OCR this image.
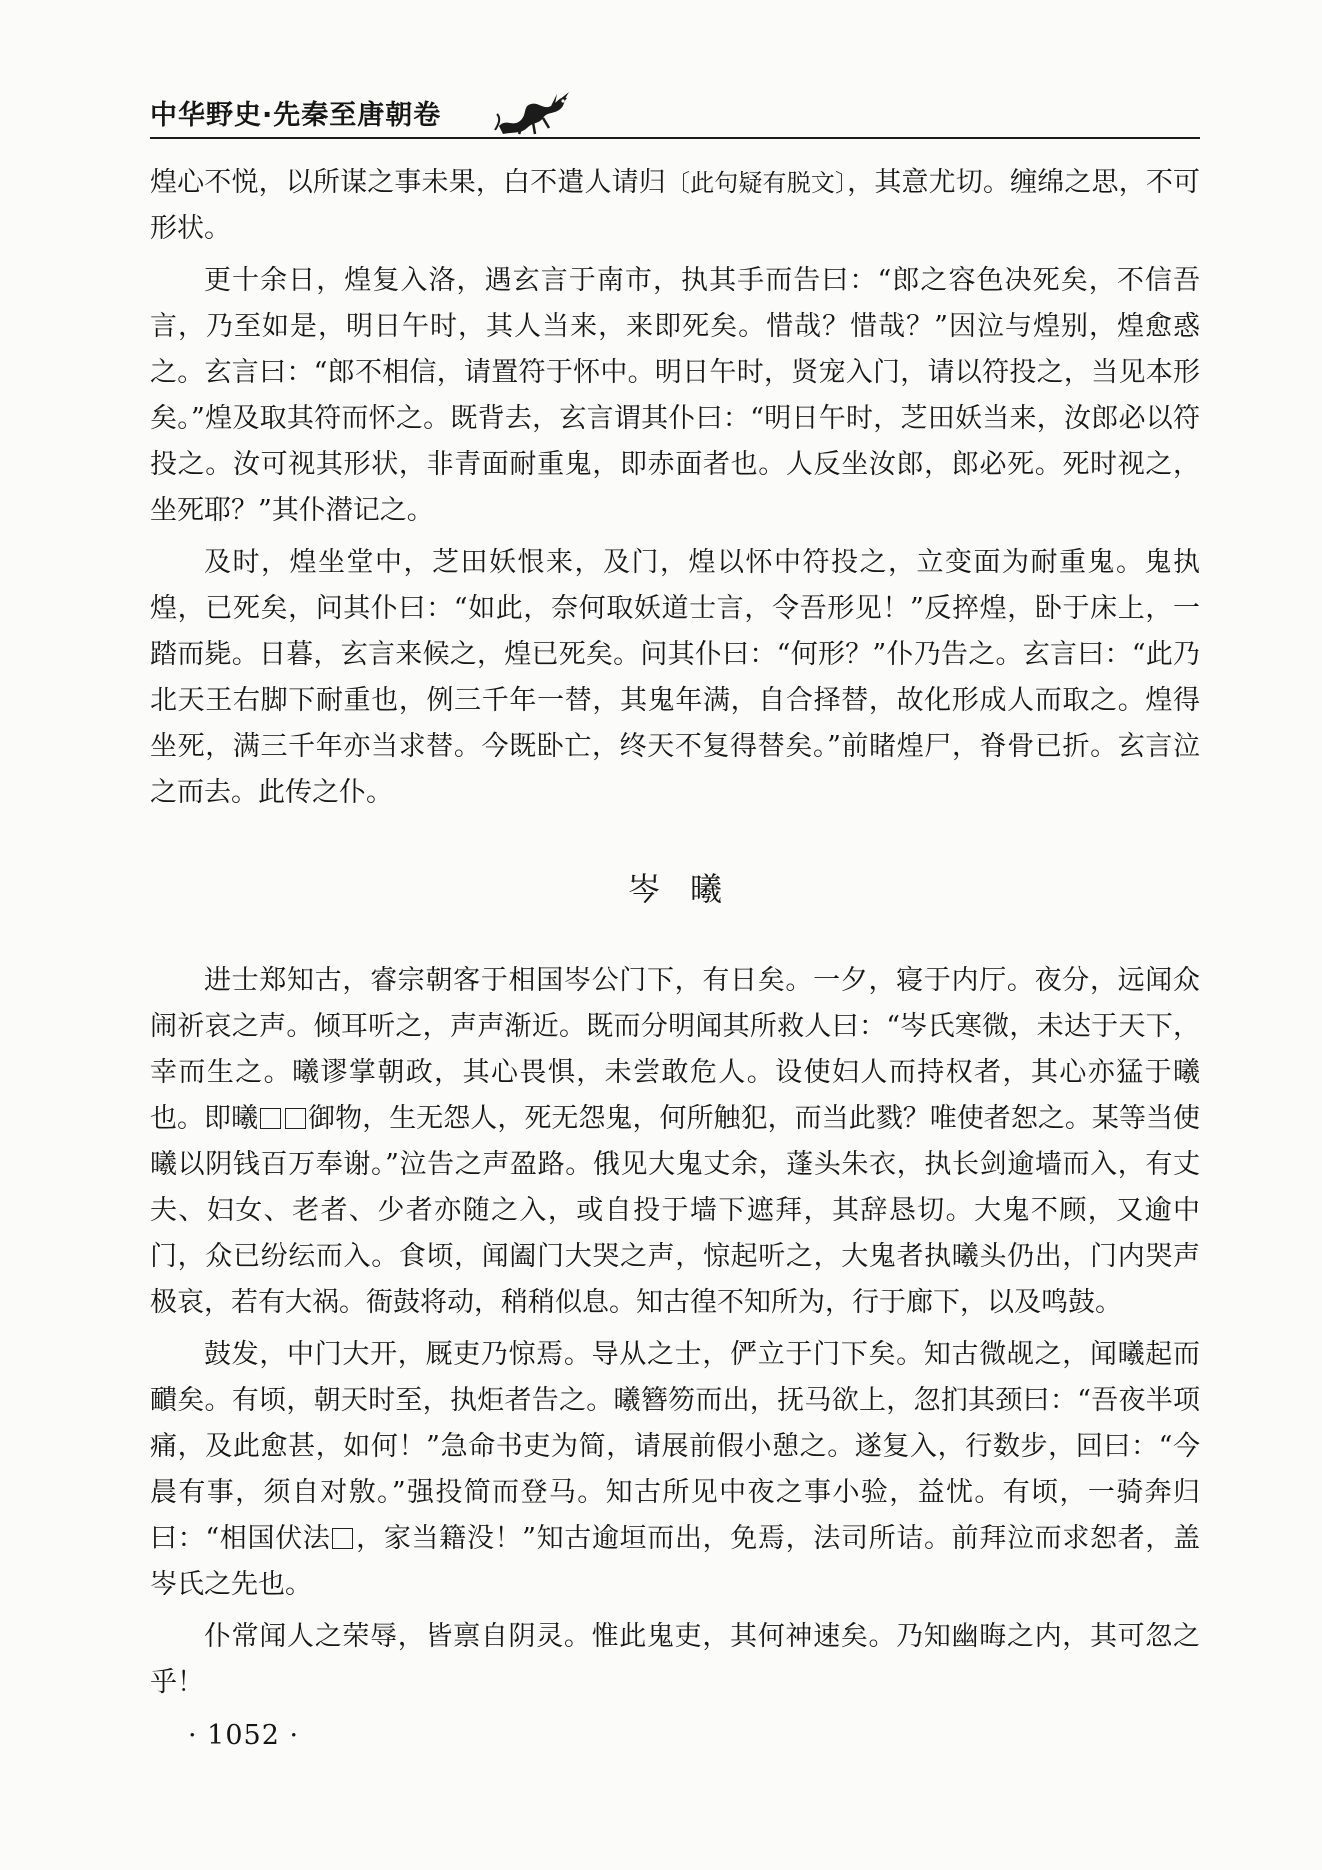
中华野史·先秦至唐朝卷

煌心不悦，以所谋之事未果，白不遣人请归〔此句疑有脱文〕，其意尤切。缠绵之思，不可形状。

更十余日，煌复入洛，遇玄言于南市，执其手而告曰：“郎之容色决死矣，不信吾言，乃至如是，明日午时，其人当来，来即死矣。惜哉？惜哉？”因泣与煌别，煌愈惑之。玄言曰：“郎不相信，请置符于怀中。明日午时，贤宠入门，请以符投之，当见本形矣。”煌及取其符而怀之。既背去，玄言谓其仆曰：“明日午时，芝田妖当来，汝郎必以符投之。汝可视其形状，非青面耐重鬼，即赤面者也。人反坐汝郎，郎必死。死时视之，坐死耶？”其仆潜记之。

及时，煌坐堂中，芝田妖恨来，及门，煌以怀中符投之，立变面为耐重鬼。鬼执煌，已死矣，问其仆曰：“如此，奈何取妖道士言，令吾形见！”反捽煌，卧于床上，一踏而毙。日暮，玄言来候之，煌已死矣。问其仆曰：“何形？”仆乃告之。玄言曰：“此乃北天王右脚下耐重也，例三千年一替，其鬼年满，自合择替，故化形成人而取之。煌得坐死，满三千年亦当求替。今既卧亡，终天不复得替矣。”前睹煌尸，脊骨已折。玄言泣之而去。此传之仆。

岑曦

进士郑知古，睿宗朝客于相国岑公门下，有日矣。一夕，寝于内厅。夜分，远闻众闹祈哀之声。倾耳听之，声声渐近。既而分明闻其所救人曰：“岑氏寒微，未达于天下，幸而生之。曦谬掌朝政，其心畏惧，未尝敢危人。设使妇人而持权者，其心亦猛于曦也。即曦 御物，生无怨人，死无怨鬼，何所触犯，而当此戮？唯使者恕之。某等当使曦以阴钱百万奉谢。”泣告之声盈路。俄见大鬼丈余，蓬头朱衣，执长剑逾墙而入，有丈夫、妇女、老者、少者亦随之入，或自投于墙下遮拜，其辞恳切。大鬼不顾，又逾中门，众已纷纭而入。食顷，闻阖门大哭之声，惊起听之，大鬼者执曦头仍出，门内哭声极哀，若有大祸。衙鼓将动，稍稍似息。知古徨不知所为，行于廊下，以及鸣鼓。

鼓发，中门大开，厩吏乃惊焉。导从之士，俨立于门下矣。知古微觇之，闻曦起而靧矣。有顷，朝天时至，执炬者告之。曦簪笏而出，抚马欲上，忽扪其颈曰：“吾夜半项痛，及此愈甚，如何！”急命书吏为简，请展前假小憩之。遂复入，行数步，回曰：“今晨有事，须自对敫。”强投简而登马。知古所见中夜之事小验，益忧。有顷，一骑奔归曰：“相国伏法 ，家当籍没！”知古逾垣而出，免焉，法司所诘。前拜泣而求恕者，盖岑氏之先也。

仆常闻人之荣辱，皆禀自阴灵。惟此鬼吏，其何神速矣。乃知幽晦之内，其可忽之乎！

· 1052 ·
